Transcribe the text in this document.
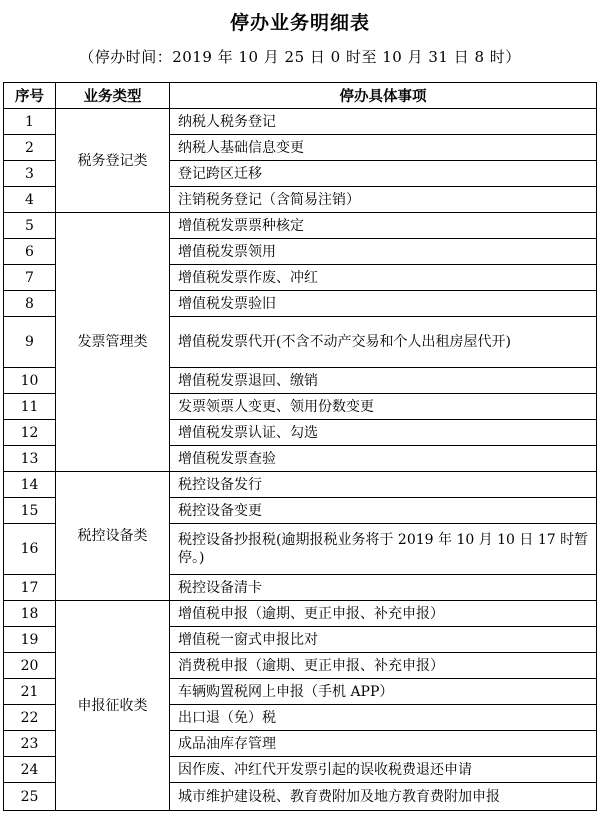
停办业务明细表
（停办时间：2019 年 10 月 25 日 0 时至 10 月 31 日 8 时）
序号	业务类型	停办具体事项
1	税务登记类	纳税人税务登记
2		纳税人基础信息变更
3		登记跨区迁移
4		注销税务登记（含简易注销）
5	发票管理类	增值税发票票种核定
6		增值税发票领用
7		增值税发票作废、冲红
8		增值税发票验旧
9		增值税发票代开(不含不动产交易和个人出租房屋代开)
10		增值税发票退回、缴销
11		发票领票人变更、领用份数变更
12		增值税发票认证、勾选
13		增值税发票查验
14	税控设备类	税控设备发行
15		税控设备变更
16		税控设备抄报税(逾期报税业务将于 2019 年 10 月 10 日 17 时暂停。)
17		税控设备清卡
18	申报征收类	增值税申报（逾期、更正申报、补充申报）
19		增值税一窗式申报比对
20		消费税申报（逾期、更正申报、补充申报）
21		车辆购置税网上申报（手机 APP）
22		出口退（免）税
23		成品油库存管理
24		因作废、冲红代开发票引起的误收税费退还申请
25		城市维护建设税、教育费附加及地方教育费附加申报
